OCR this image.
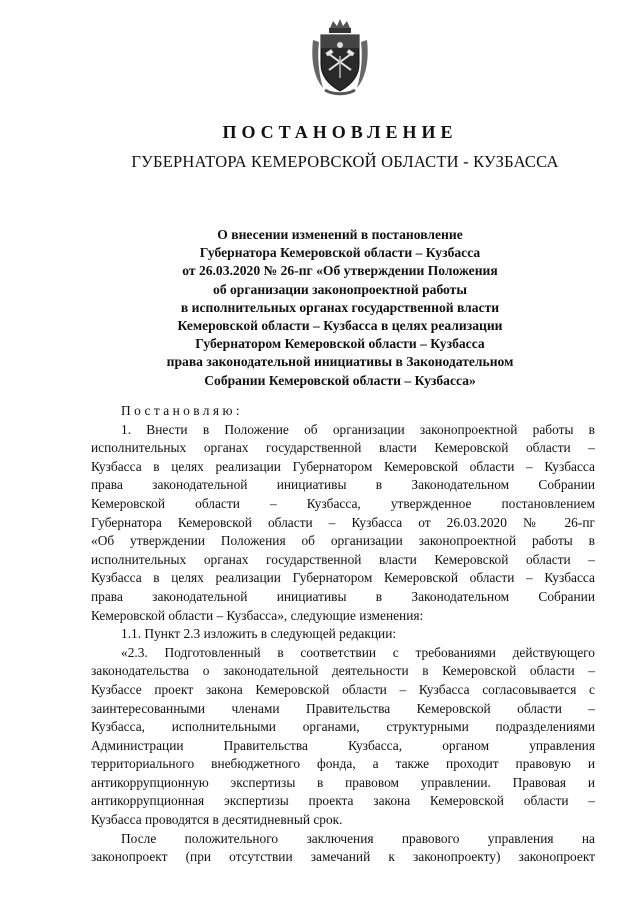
ПОСТАНОВЛЕНИЕ
ГУБЕРНАТОРА КЕМЕРОВСКОЙ ОБЛАСТИ - КУЗБАССА
О внесении изменений в постановление
Губернатора Кемеровской области – Кузбасса
от 26.03.2020 № 26-пг «Об утверждении Положения
об организации законопроектной работы
в исполнительных органах государственной власти
Кемеровской области – Кузбасса в целях реализации
Губернатором Кемеровской области – Кузбасса
права законодательной инициативы в Законодательном
Собрании Кемеровской области – Кузбасса»
Постановляю:
1. Внести в Положение об организации законопроектной работы в
исполнительных органах государственной власти Кемеровской области –
Кузбасса в целях реализации Губернатором Кемеровской области – Кузбасса
права законодательной инициативы в Законодательном Собрании
Кемеровской области – Кузбасса, утвержденное постановлением
Губернатора Кемеровской области – Кузбасса от 26.03.2020 № 26-пг
«Об утверждении Положения об организации законопроектной работы в
исполнительных органах государственной власти Кемеровской области –
Кузбасса в целях реализации Губернатором Кемеровской области – Кузбасса
права законодательной инициативы в Законодательном Собрании
Кемеровской области – Кузбасса», следующие изменения:
1.1. Пункт 2.3 изложить в следующей редакции:
«2.3. Подготовленный в соответствии с требованиями действующего
законодательства о законодательной деятельности в Кемеровской области –
Кузбассе проект закона Кемеровской области – Кузбасса согласовывается с
заинтересованными членами Правительства Кемеровской области –
Кузбасса, исполнительными органами, структурными подразделениями
Администрации Правительства Кузбасса, органом управления
территориального внебюджетного фонда, а также проходит правовую и
антикоррупционную экспертизы в правовом управлении. Правовая и
антикоррупционная экспертизы проекта закона Кемеровской области –
Кузбасса проводятся в десятидневный срок.
После положительного заключения правового управления на
законопроект (при отсутствии замечаний к законопроекту) законопроект
